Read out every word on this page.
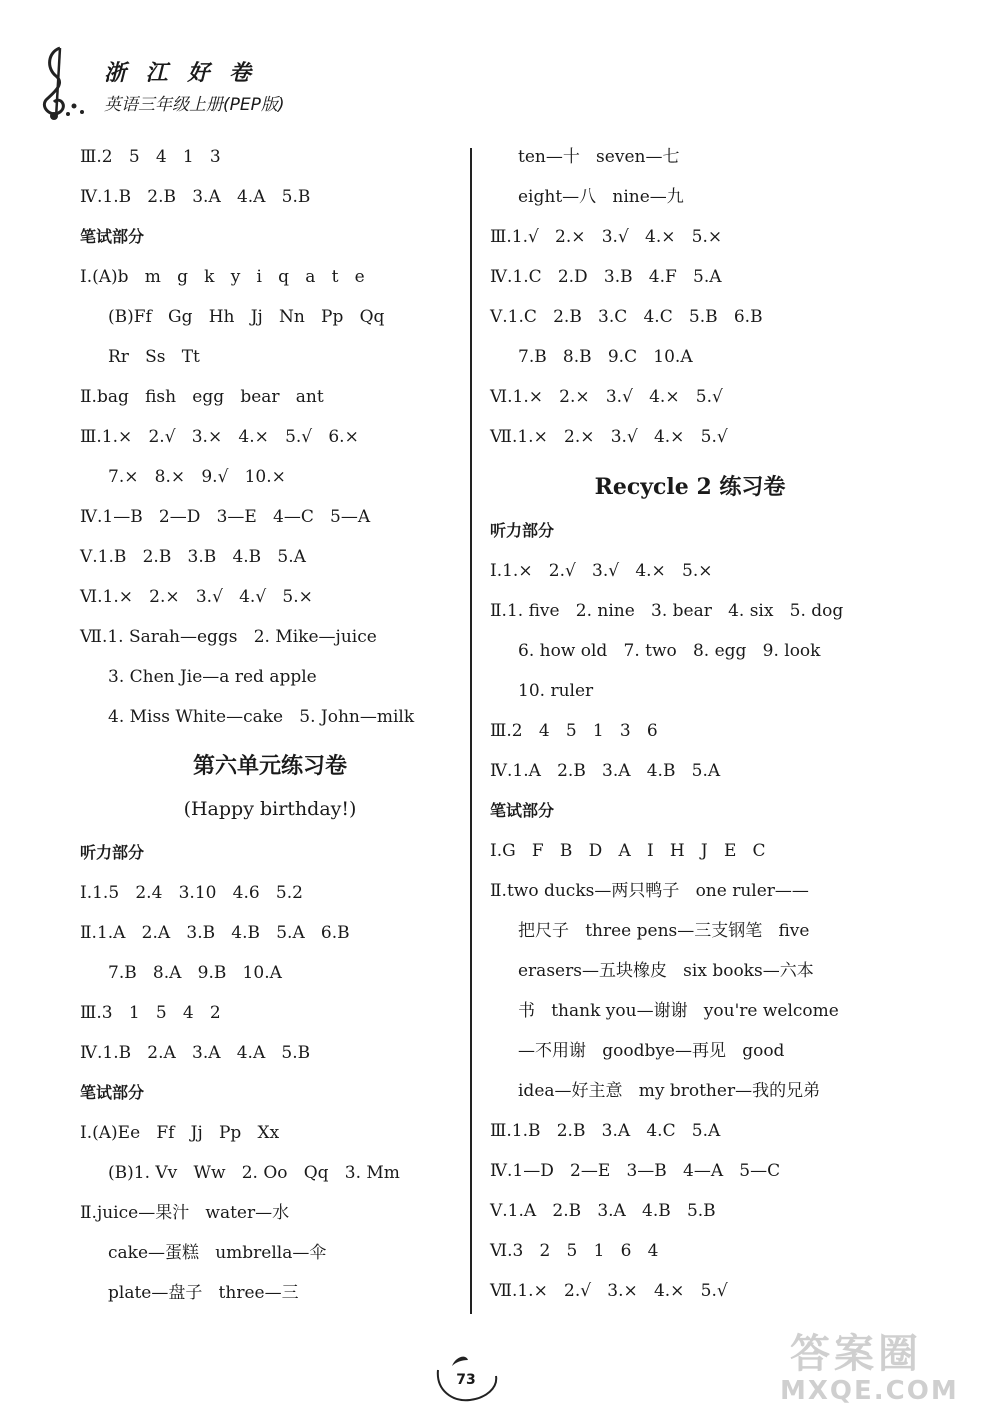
浙 江 好 卷
英语三年级上册(PEP版)
Ⅲ.2   5   4   1   3
Ⅳ.1.B   2.B   3.A   4.A   5.B
笔试部分
Ⅰ.(A)b   m   g   k   y   i   q   a   t   e
(B)Ff   Gg   Hh   Jj   Nn   Pp   Qq
Rr   Ss   Tt
Ⅱ.bag   fish   egg   bear   ant
Ⅲ.1.×   2.√   3.×   4.×   5.√   6.×
7.×   8.×   9.√   10.×
Ⅳ.1—B   2—D   3—E   4—C   5—A
Ⅴ.1.B   2.B   3.B   4.B   5.A
Ⅵ.1.×   2.×   3.√   4.√   5.×
Ⅶ.1. Sarah—eggs   2. Mike—juice
3. Chen Jie—a red apple
4. Miss White—cake   5. John—milk
第六单元练习卷
(Happy birthday!)
听力部分
Ⅰ.1.5   2.4   3.10   4.6   5.2
Ⅱ.1.A   2.A   3.B   4.B   5.A   6.B
7.B   8.A   9.B   10.A
Ⅲ.3   1   5   4   2
Ⅳ.1.B   2.A   3.A   4.A   5.B
笔试部分
Ⅰ.(A)Ee   Ff   Jj   Pp   Xx
(B)1. Vv   Ww   2. Oo   Qq   3. Mm
Ⅱ.juice—果汁   water—水
cake—蛋糕   umbrella—伞
plate—盘子   three—三
ten—十   seven—七
eight—八   nine—九
Ⅲ.1.√   2.×   3.√   4.×   5.×
Ⅳ.1.C   2.D   3.B   4.F   5.A
Ⅴ.1.C   2.B   3.C   4.C   5.B   6.B
7.B   8.B   9.C   10.A
Ⅵ.1.×   2.×   3.√   4.×   5.√
Ⅶ.1.×   2.×   3.√   4.×   5.√
Recycle 2 练习卷
听力部分
Ⅰ.1.×   2.√   3.√   4.×   5.×
Ⅱ.1. five   2. nine   3. bear   4. six   5. dog
6. how old   7. two   8. egg   9. look
10. ruler
Ⅲ.2   4   5   1   3   6
Ⅳ.1.A   2.B   3.A   4.B   5.A
笔试部分
Ⅰ.G   F   B   D   A   I   H   J   E   C
Ⅱ.two ducks—两只鸭子   one ruler——
把尺子   three pens—三支钢笔   five
erasers—五块橡皮   six books—六本
书   thank you—谢谢   you're welcome
—不用谢   goodbye—再见   good
idea—好主意   my brother—我的兄弟
Ⅲ.1.B   2.B   3.A   4.C   5.A
Ⅳ.1—D   2—E   3—B   4—A   5—C
Ⅴ.1.A   2.B   3.A   4.B   5.B
Ⅵ.3   2   5   1   6   4
Ⅶ.1.×   2.√   3.×   4.×   5.√
73
答案圈
MXQE.COM
